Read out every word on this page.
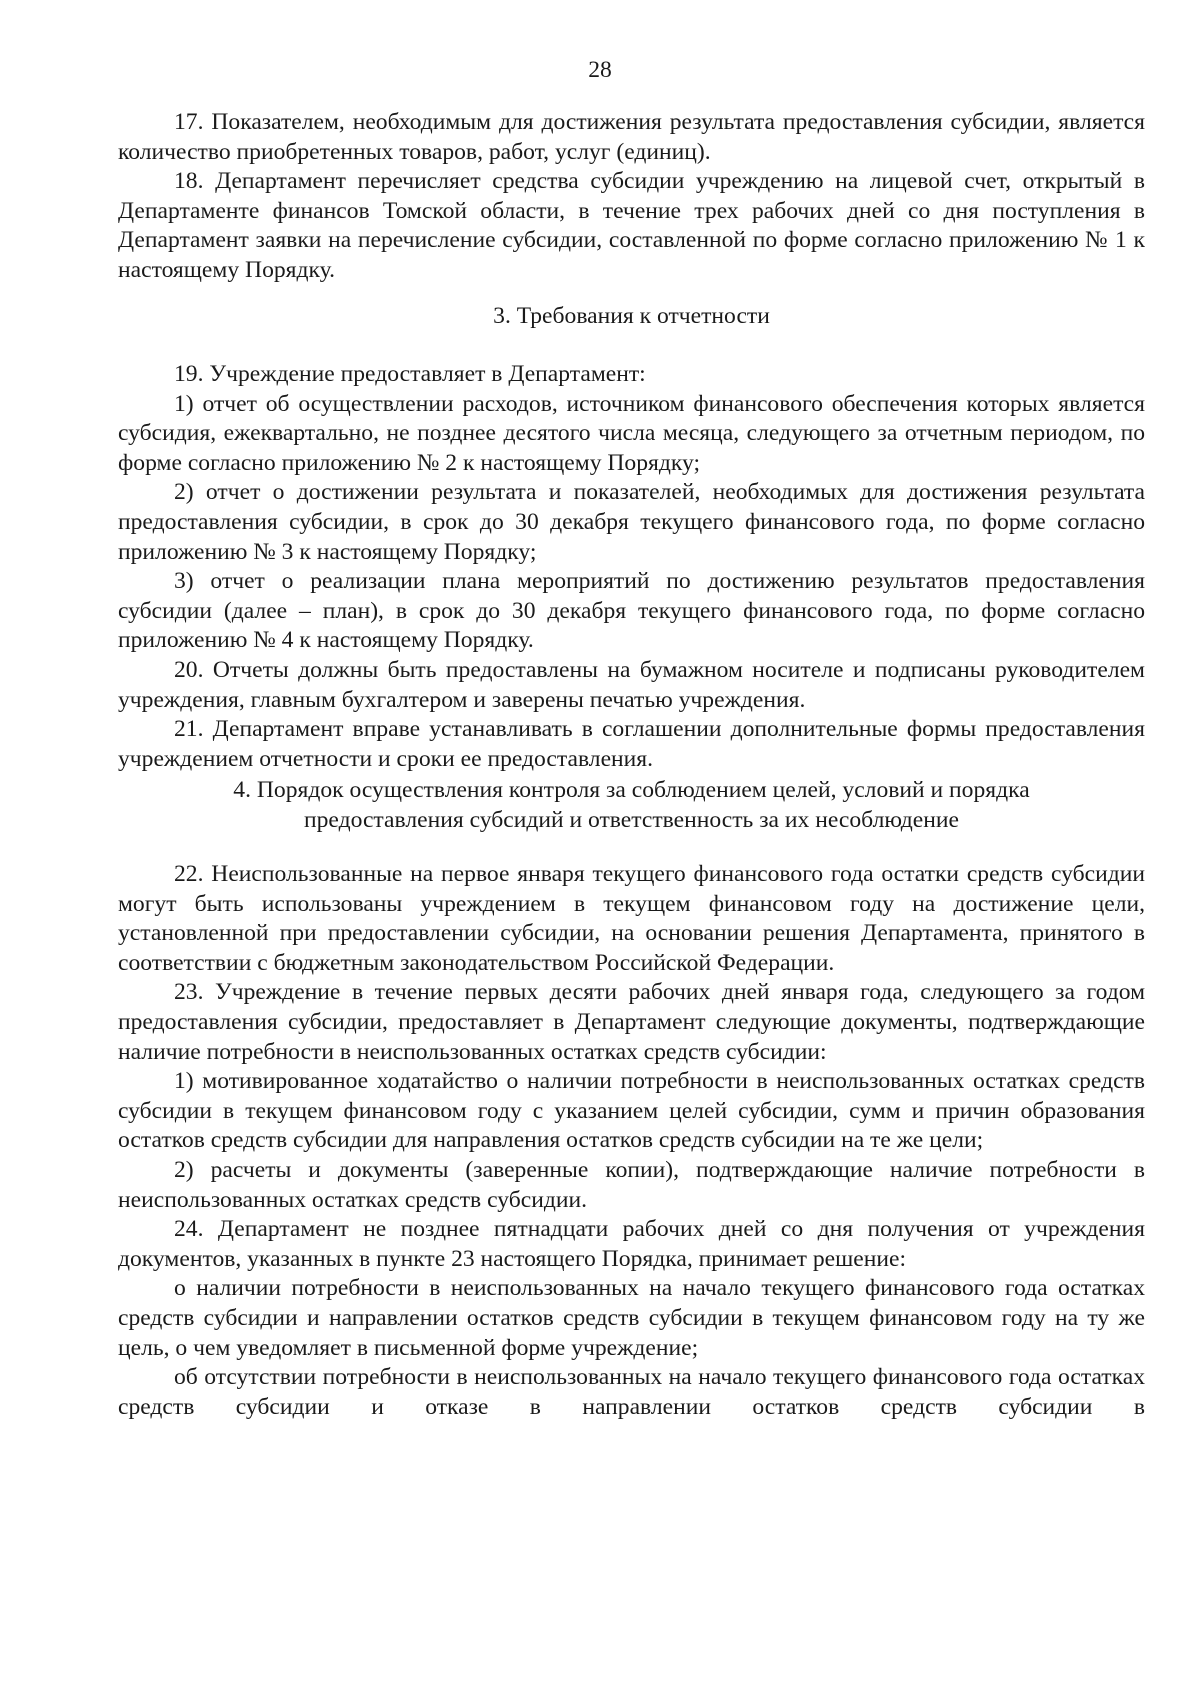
28

17. Показателем, необходимым для достижения результата предоставления субсидии, является количество приобретенных товаров, работ, услуг (единиц).

18. Департамент перечисляет средства субсидии учреждению на лицевой счет, открытый в Департаменте финансов Томской области, в течение трех рабочих дней со дня поступления в Департамент заявки на перечисление субсидии, составленной по форме согласно приложению № 1 к настоящему Порядку.

3. Требования к отчетности

19. Учреждение предоставляет в Департамент:

1) отчет об осуществлении расходов, источником финансового обеспечения которых является субсидия, ежеквартально, не позднее десятого числа месяца, следующего за отчетным периодом, по форме согласно приложению № 2 к настоящему Порядку;

2) отчет о достижении результата и показателей, необходимых для достижения результата предоставления субсидии, в срок до 30 декабря текущего финансового года, по форме согласно приложению № 3 к настоящему Порядку;

3) отчет о реализации плана мероприятий по достижению результатов предоставления субсидии (далее – план), в срок до 30 декабря текущего финансового года, по форме согласно приложению № 4 к настоящему Порядку.

20. Отчеты должны быть предоставлены на бумажном носителе и подписаны руководителем учреждения, главным бухгалтером и заверены печатью учреждения.

21. Департамент вправе устанавливать в соглашении дополнительные формы предоставления учреждением отчетности и сроки ее предоставления.

4. Порядок осуществления контроля за соблюдением целей, условий и порядка

предоставления субсидий и ответственность за их несоблюдение

22. Неиспользованные на первое января текущего финансового года остатки средств субсидии могут быть использованы учреждением в текущем финансовом году на достижение цели, установленной при предоставлении субсидии, на основании решения Департамента, принятого в соответствии с бюджетным законодательством Российской Федерации.

23. Учреждение в течение первых десяти рабочих дней января года, следующего за годом предоставления субсидии, предоставляет в Департамент следующие документы, подтверждающие наличие потребности в неиспользованных остатках средств субсидии:

1) мотивированное ходатайство о наличии потребности в неиспользованных остатках средств субсидии в текущем финансовом году с указанием целей субсидии, сумм и причин образования остатков средств субсидии для направления остатков средств субсидии на те же цели;

2) расчеты и документы (заверенные копии), подтверждающие наличие потребности в неиспользованных остатках средств субсидии.

24. Департамент не позднее пятнадцати рабочих дней со дня получения от учреждения документов, указанных в пункте 23 настоящего Порядка, принимает решение:

о наличии потребности в неиспользованных на начало текущего финансового года остатках средств субсидии и направлении остатков средств субсидии в текущем финансовом году на ту же цель, о чем уведомляет в письменной форме учреждение;

об отсутствии потребности в неиспользованных на начало текущего финансового года остатках средств субсидии и отказе в направлении остатков средств субсидии в
